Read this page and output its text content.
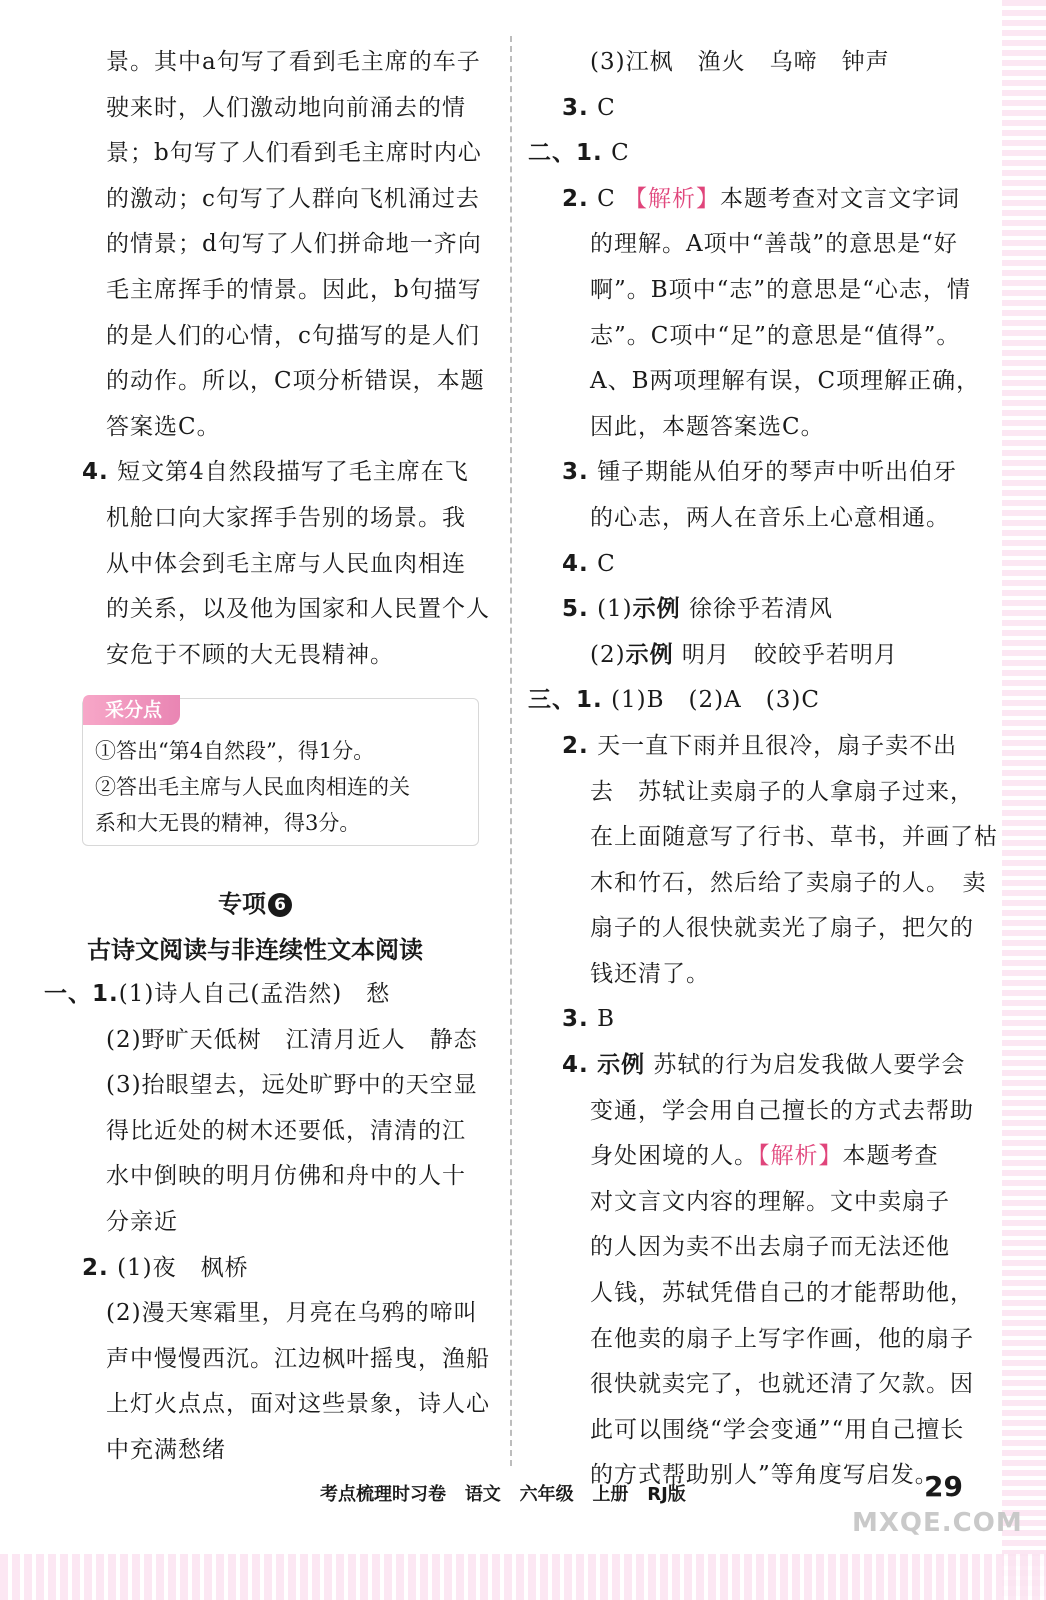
景。其中a句写了看到毛主席的车子
驶来时，人们激动地向前涌去的情
景；b句写了人们看到毛主席时内心
的激动；c句写了人群向飞机涌过去
的情景；d句写了人们拼命地一齐向
毛主席挥手的情景。因此，b句描写
的是人们的心情，c句描写的是人们
的动作。所以，C项分析错误，本题
答案选C。
4. 短文第4自然段描写了毛主席在飞
机舱口向大家挥手告别的场景。我
从中体会到毛主席与人民血肉相连
的关系，以及他为国家和人民置个人
安危于不顾的大无畏精神。
采分点
①答出“第4自然段”，得1分。
②答出毛主席与人民血肉相连的关
系和大无畏的精神，得3分。
专项 6
古诗文阅读与非连续性文本阅读
一、1.(1)诗人自己(孟浩然)　愁
(2)野旷天低树　江清月近人　静态
(3)抬眼望去，远处旷野中的天空显
得比近处的树木还要低，清清的江
水中倒映的明月仿佛和舟中的人十
分亲近
2. (1)夜　枫桥
(2)漫天寒霜里，月亮在乌鸦的啼叫
声中慢慢西沉。江边枫叶摇曳，渔船
上灯火点点，面对这些景象，诗人心
中充满愁绪
(3)江枫　渔火　乌啼　钟声
3. C
二、1. C
2. C 【解析】本题考查对文言文字词
的理解。A项中“善哉”的意思是“好
啊”。B项中“志”的意思是“心志，情
志”。C项中“足”的意思是“值得”。
A、B两项理解有误，C项理解正确，
因此，本题答案选C。
3. 锺子期能从伯牙的琴声中听出伯牙
的心志，两人在音乐上心意相通。
4. C
5. (1)示例 徐徐乎若清风
(2)示例 明月　皎皎乎若明月
三、1. (1)B　(2)A　(3)C
2. 天一直下雨并且很冷，扇子卖不出
去　苏轼让卖扇子的人拿扇子过来，
在上面随意写了行书、草书，并画了枯
木和竹石，然后给了卖扇子的人。　卖
扇子的人很快就卖光了扇子，把欠的
钱还清了。
3. B
4. 示例 苏轼的行为启发我做人要学会
变通，学会用自己擅长的方式去帮助
身处困境的人。【解析】本题考查
对文言文内容的理解。文中卖扇子
的人因为卖不出去扇子而无法还他
人钱，苏轼凭借自己的才能帮助他，
在他卖的扇子上写字作画，他的扇子
很快就卖完了，也就还清了欠款。因
此可以围绕“学会变通”“用自己擅长
的方式帮助别人”等角度写启发。
考点梳理时习卷 语文 六年级 上册 RJ版	29
MXQE.COM
